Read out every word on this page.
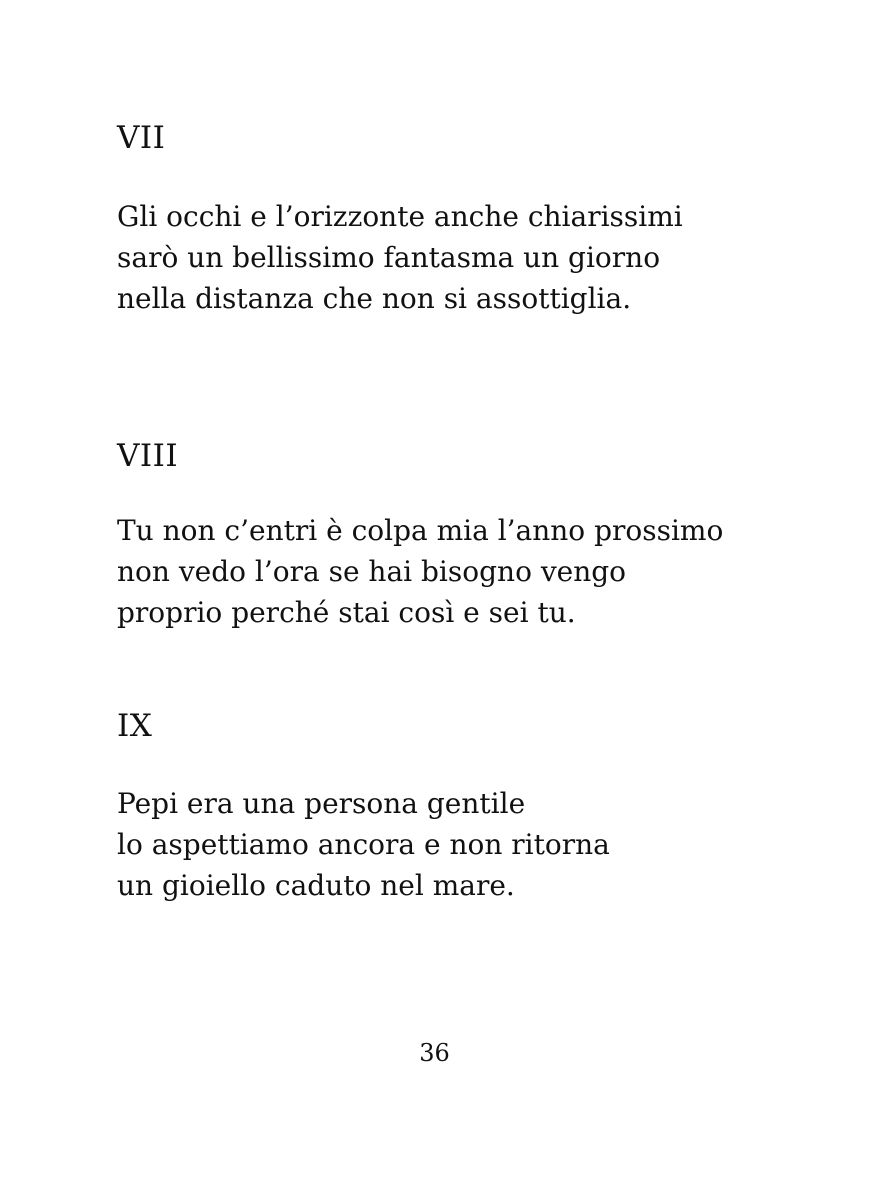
VII

Gli occhi e l’orizzonte anche chiarissimi
sarò un bellissimo fantasma un giorno
nella distanza che non si assottiglia.

VIII

Tu non c’entri è colpa mia l’anno prossimo
non vedo l’ora se hai bisogno vengo
proprio perché stai così e sei tu.

IX

Pepi era una persona gentile
lo aspettiamo ancora e non ritorna
un gioiello caduto nel mare.

36
